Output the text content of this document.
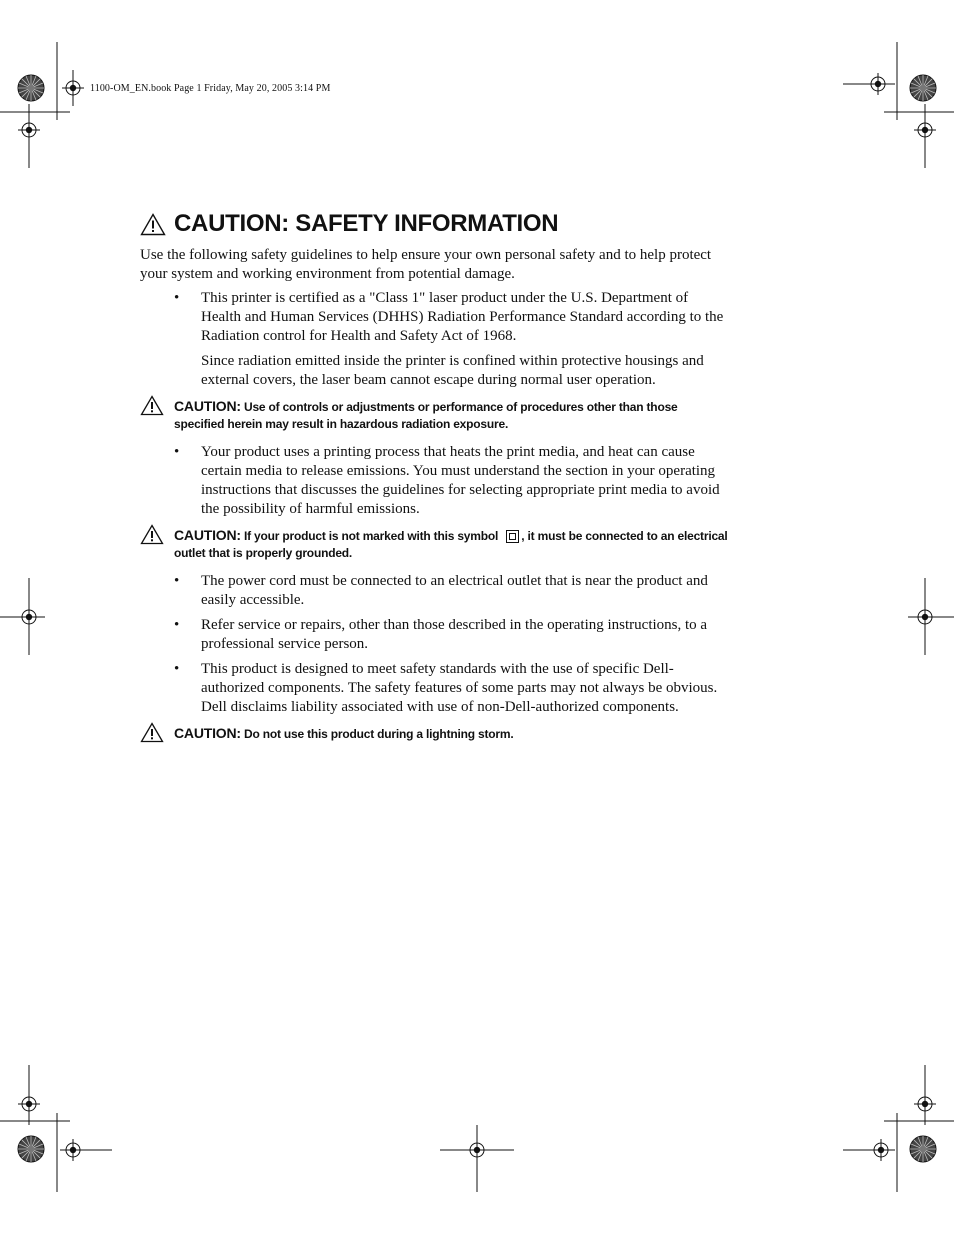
1100-OM_EN.book Page 1 Friday, May 20, 2005 3:14 PM
CAUTION: SAFETY INFORMATION

Use the following safety guidelines to help ensure your own personal safety and to help protect your system and working environment from potential damage.

• This printer is certified as a "Class 1" laser product under the U.S. Department of Health and Human Services (DHHS) Radiation Performance Standard according to the Radiation control for Health and Safety Act of 1968.

Since radiation emitted inside the printer is confined within protective housings and external covers, the laser beam cannot escape during normal user operation.

CAUTION: Use of controls or adjustments or performance of procedures other than those specified herein may result in hazardous radiation exposure.
• Your product uses a printing process that heats the print media, and heat can cause certain media to release emissions. You must understand the section in your operating instructions that discusses the guidelines for selecting appropriate print media to avoid the possibility of harmful emissions.

CAUTION: If your product is not marked with this symbol , it must be connected to an electrical outlet that is properly grounded.
• The power cord must be connected to an electrical outlet that is near the product and easily accessible.

• Refer service or repairs, other than those described in the operating instructions, to a professional service person.

• This product is designed to meet safety standards with the use of specific Dell-authorized components. The safety features of some parts may not always be obvious. Dell disclaims liability associated with use of non-Dell-authorized components.

CAUTION: Do not use this product during a lightning storm.
